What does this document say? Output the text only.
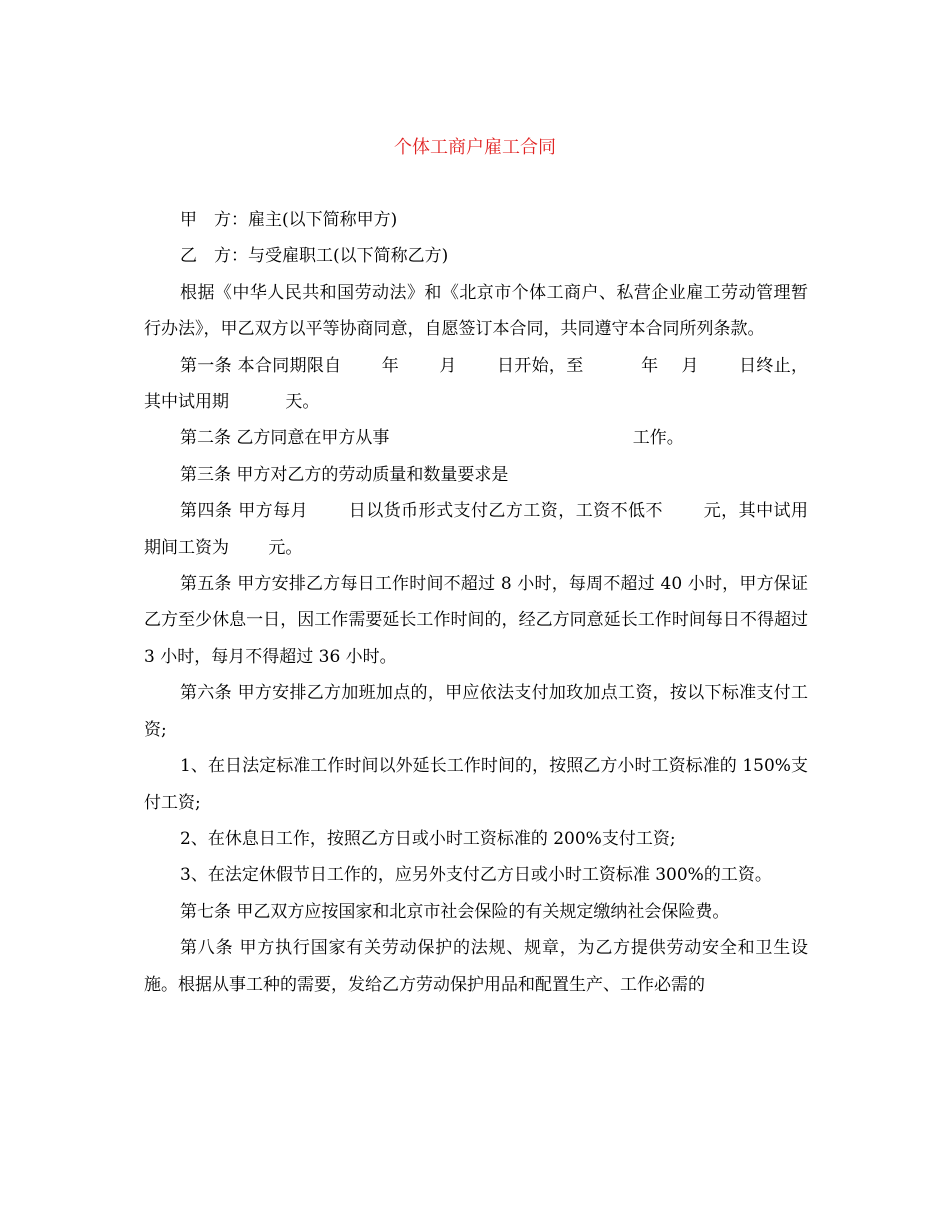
个体工商户雇工合同

甲　方：雇主(以下简称甲方)

乙　方：与受雇职工(以下简称乙方)

根据《中华人民共和国劳动法》和《北京市个体工商户、私营企业雇工劳动管理暂行办法》，甲乙双方以平等协商同意，自愿签订本合同，共同遵守本合同所列条款。

第一条 本合同期限自　　 年　　 月　　 日开始，至　　　 年　 月　　 日终止，其中试用期　　　 天。

第二条 乙方同意在甲方从事　　　　　　　　　　　　　　 工作。

第三条 甲方对乙方的劳动质量和数量要求是

第四条 甲方每月　　 日以货币形式支付乙方工资，工资不低不　　 元，其中试用期间工资为　　 元。

第五条 甲方安排乙方每日工作时间不超过 8 小时，每周不超过 40 小时，甲方保证乙方至少休息一日，因工作需要延长工作时间的，经乙方同意延长工作时间每日不得超过 3 小时，每月不得超过 36 小时。

第六条 甲方安排乙方加班加点的，甲应依法支付加玫加点工资，按以下标准支付工资;

1、在日法定标准工作时间以外延长工作时间的，按照乙方小时工资标准的 150%支付工资;

2、在休息日工作，按照乙方日或小时工资标准的 200%支付工资;

3、在法定休假节日工作的，应另外支付乙方日或小时工资标准 300%的工资。

第七条 甲乙双方应按国家和北京市社会保险的有关规定缴纳社会保险费。

第八条 甲方执行国家有关劳动保护的法规、规章，为乙方提供劳动安全和卫生设施。根据从事工种的需要，发给乙方劳动保护用品和配置生产、工作必需的
